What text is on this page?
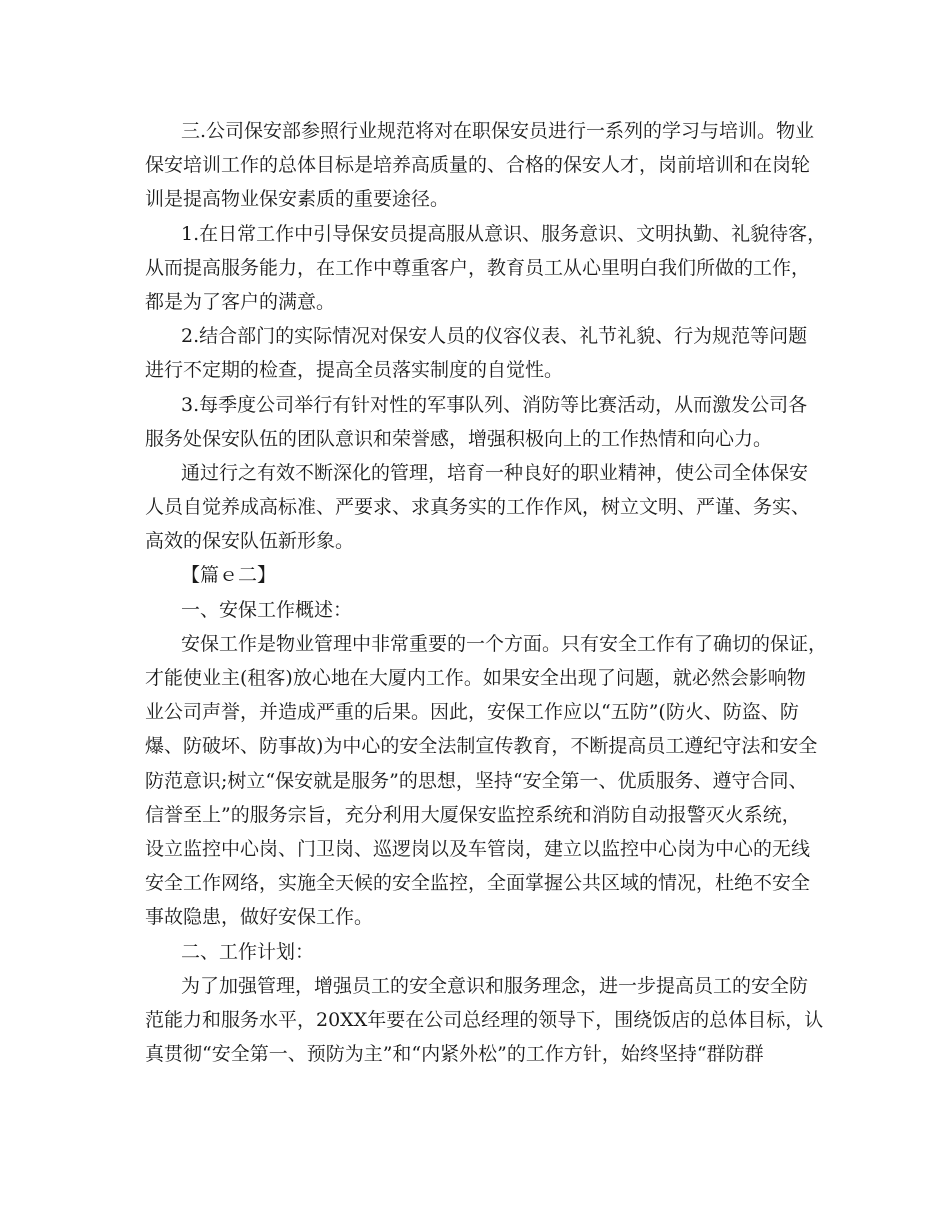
三.公司保安部参照行业规范将对在职保安员进行一系列的学习与培训。物业
保安培训工作的总体目标是培养高质量的、合格的保安人才，岗前培训和在岗轮
训是提高物业保安素质的重要途径。
1.在日常工作中引导保安员提高服从意识、服务意识、文明执勤、礼貌待客，
从而提高服务能力，在工作中尊重客户，教育员工从心里明白我们所做的工作，
都是为了客户的满意。
2.结合部门的实际情况对保安人员的仪容仪表、礼节礼貌、行为规范等问题
进行不定期的检查，提高全员落实制度的自觉性。
3.每季度公司举行有针对性的军事队列、消防等比赛活动，从而激发公司各
服务处保安队伍的团队意识和荣誉感，增强积极向上的工作热情和向心力。
通过行之有效不断深化的管理，培育一种良好的职业精神，使公司全体保安
人员自觉养成高标准、严要求、求真务实的工作作风，树立文明、严谨、务实、
高效的保安队伍新形象。
【篇ｅ二】
一、安保工作概述：
安保工作是物业管理中非常重要的一个方面。只有安全工作有了确切的保证，
才能使业主(租客)放心地在大厦内工作。如果安全出现了问题，就必然会影响物
业公司声誉，并造成严重的后果。因此，安保工作应以“五防”(防火、防盗、防
爆、防破坏、防事故)为中心的安全法制宣传教育，不断提高员工遵纪守法和安全
防范意识;树立“保安就是服务”的思想，坚持“安全第一、优质服务、遵守合同、
信誉至上”的服务宗旨，充分利用大厦保安监控系统和消防自动报警灭火系统，
设立监控中心岗、门卫岗、巡逻岗以及车管岗，建立以监控中心岗为中心的无线
安全工作网络，实施全天候的安全监控，全面掌握公共区域的情况，杜绝不安全
事故隐患，做好安保工作。
二、工作计划：
为了加强管理，增强员工的安全意识和服务理念，进一步提高员工的安全防
范能力和服务水平，20XX年要在公司总经理的领导下，围绕饭店的总体目标，认
真贯彻“安全第一、预防为主”和“内紧外松”的工作方针，始终坚持“群防群
